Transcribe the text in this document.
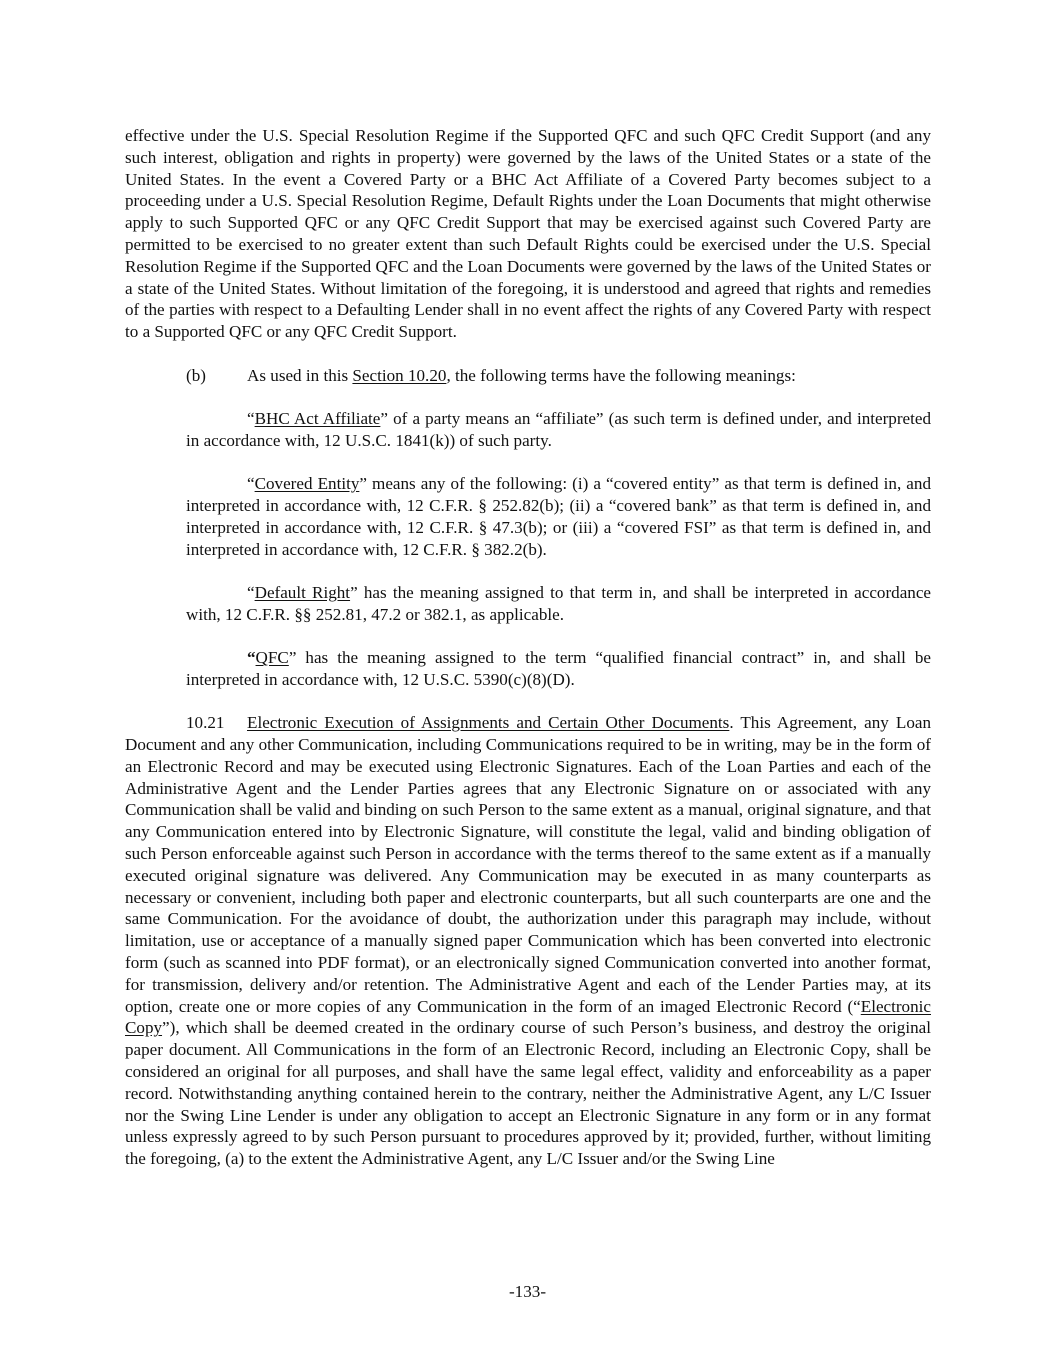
effective under the U.S. Special Resolution Regime if the Supported QFC and such QFC Credit Support (and any such interest, obligation and rights in property) were governed by the laws of the United States or a state of the United States. In the event a Covered Party or a BHC Act Affiliate of a Covered Party becomes subject to a proceeding under a U.S. Special Resolution Regime, Default Rights under the Loan Documents that might otherwise apply to such Supported QFC or any QFC Credit Support that may be exercised against such Covered Party are permitted to be exercised to no greater extent than such Default Rights could be exercised under the U.S. Special Resolution Regime if the Supported QFC and the Loan Documents were governed by the laws of the United States or a state of the United States. Without limitation of the foregoing, it is understood and agreed that rights and remedies of the parties with respect to a Defaulting Lender shall in no event affect the rights of any Covered Party with respect to a Supported QFC or any QFC Credit Support.

(b) As used in this Section 10.20, the following terms have the following meanings:

“BHC Act Affiliate” of a party means an “affiliate” (as such term is defined under, and interpreted in accordance with, 12 U.S.C. 1841(k)) of such party.

“Covered Entity” means any of the following: (i) a “covered entity” as that term is defined in, and interpreted in accordance with, 12 C.F.R. § 252.82(b); (ii) a “covered bank” as that term is defined in, and interpreted in accordance with, 12 C.F.R. § 47.3(b); or (iii) a “covered FSI” as that term is defined in, and interpreted in accordance with, 12 C.F.R. § 382.2(b).

“Default Right” has the meaning assigned to that term in, and shall be interpreted in accordance with, 12 C.F.R. §§ 252.81, 47.2 or 382.1, as applicable.

“QFC” has the meaning assigned to the term “qualified financial contract” in, and shall be interpreted in accordance with, 12 U.S.C. 5390(c)(8)(D).

10.21 Electronic Execution of Assignments and Certain Other Documents. This Agreement, any Loan Document and any other Communication, including Communications required to be in writing, may be in the form of an Electronic Record and may be executed using Electronic Signatures. Each of the Loan Parties and each of the Administrative Agent and the Lender Parties agrees that any Electronic Signature on or associated with any Communication shall be valid and binding on such Person to the same extent as a manual, original signature, and that any Communication entered into by Electronic Signature, will constitute the legal, valid and binding obligation of such Person enforceable against such Person in accordance with the terms thereof to the same extent as if a manually executed original signature was delivered. Any Communication may be executed in as many counterparts as necessary or convenient, including both paper and electronic counterparts, but all such counterparts are one and the same Communication. For the avoidance of doubt, the authorization under this paragraph may include, without limitation, use or acceptance of a manually signed paper Communication which has been converted into electronic form (such as scanned into PDF format), or an electronically signed Communication converted into another format, for transmission, delivery and/or retention. The Administrative Agent and each of the Lender Parties may, at its option, create one or more copies of any Communication in the form of an imaged Electronic Record (“Electronic Copy”), which shall be deemed created in the ordinary course of such Person’s business, and destroy the original paper document. All Communications in the form of an Electronic Record, including an Electronic Copy, shall be considered an original for all purposes, and shall have the same legal effect, validity and enforceability as a paper record. Notwithstanding anything contained herein to the contrary, neither the Administrative Agent, any L/C Issuer nor the Swing Line Lender is under any obligation to accept an Electronic Signature in any form or in any format unless expressly agreed to by such Person pursuant to procedures approved by it; provided, further, without limiting the foregoing, (a) to the extent the Administrative Agent, any L/C Issuer and/or the Swing Line

-133-
